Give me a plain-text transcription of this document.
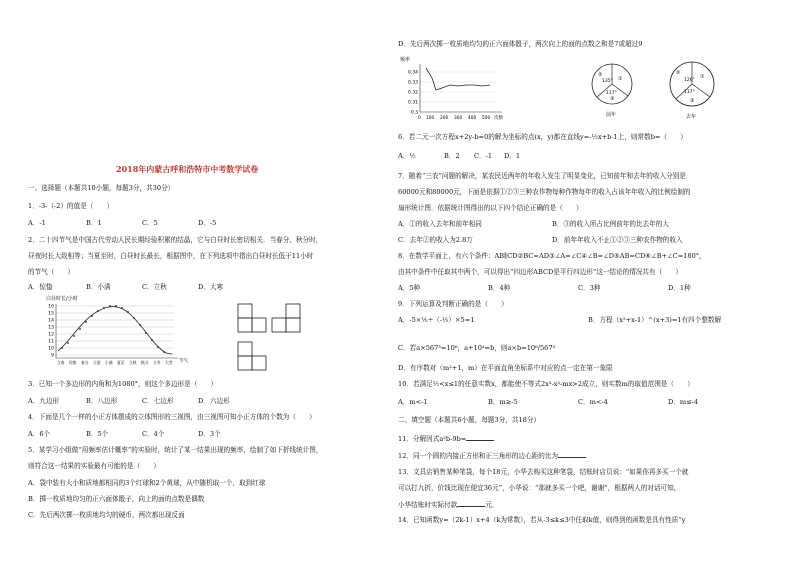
2018年内蒙古呼和浩特市中考数学试卷
一、选择题（本题共10小题，每题3分，共30分）
1．-3-（-2）的值是（　　）
A．-1	B．1	C．5	D．-5
2．二十四节气是中国古代劳动人民长期经验积累的结晶，它与白昼时长密切相关．当春分、秋分时，
昼夜时长大致相等；当夏至时，白昼时长最长，根据图中，在下列选项中指出白昼时长低于11小时
的节气（　　）
A．惊蛰	B．小满	C．立秋	D．大寒
白昼时长/小时
16
15
14
13
12
11
10
9
立春 惊蛰 春分 立夏 小满 夏至 立秋 秋分 立冬 大雪 节气
3．已知一个多边形的内角和为1080°，则这个多边形是（　　）
A．九边形	B．八边形	C．七边形	D．六边形
4．下面是几个一样的小正方体摆成的立体图形的三视图，由三视图可知小正方体的个数为（　　）
A．6个	B．5个	C．4个	D．3个
5．某学习小组做“用频率估计概率”的实验时，统计了某一结果出现的频率，绘制了如下折线统计图，
则符合这一结果的实验最有可能的是（　　）
A．袋中装有大小和质地都相同的3个红球和2个黄球，从中随机取一个，取到红球
B．掷一枚质地均匀的正六面体骰子，向上的面的点数是偶数
C．先后两次掷一枚质地均匀的硬币，两次都出现反面
D．先后两次掷一枚质地均匀的正六面体骰子，两次向上的面的点数之和是7或超过9
频率
0.34
0.33
0.32
0.31
0.3
0 100 200 300 400 500 次数
135°
117°
①
②
③
前年
126°
117°
①
②
③
去年
6．若二元一次方程x+2y-b=0的解为坐标的点(x，y)都在直线y=-½x+b-1上，则常数b=（　　）
A．½	B．2 C．-1 D．1
7．随着“三农”问题的解决，某农民近两年的年收入发生了明显变化，已知前年和去年的收入分别是
60000元和80000元，下面是依据①②③三种农作物每种作物每年的收入占该年年收入的比例绘制的
扇形统计图．依据统计图得出的以下四个结论正确的是（　　）
A．①的收入去年和前年相同	B．③的收入所占比例前年的比去年的大
C．去年②的收入为2.8万	D．前年年收入不止①②③三种农作物的收入
8．在数学平面上，有六个条件：AB∥CD②BC=AD③∠A=∠C④∠B=∠D⑤AB=CD⑥∠B+∠C=180°，
由其中条件中任取其中两个，可以得出“四边形ABCD是平行四边形”这一结论的情况共有（　　）
A．5种	B．4种	C．3种	D．1种
9．下列运算及判断正确的是（　　）
A．-5×⅕÷（-⅕）×5=1	B．方程（x²+x-1）^(x+3)=1有四个整数解
C．若a×567³=10⁶，a+10⁴=b，则a×b=10⁶/567³
D．有序数对（m²+1，m）在平面直角坐标系中对应的点一定在第一象限
10．若满足½<x≤1的任意实数x，都能使不等式2x³-x²-mx>2成立，则实数m的取值范围是（　　）
A．m<-1	B．m≥-5	C．m<-4	D．m≤-4
二、填空题（本题共6小题，每题3分，共18分）
11．分解因式a²b-9b=
12．同一个圆的内接正方形和正三角形的边心距的比为
13．文具店销售某种笔袋，每个18元，小华去购买这种笔袋，结账时店员说：“如果你再多买一个就
可以打九折，价钱比现在便宜36元”，小华说：“那就多买一个吧，谢谢”，根据两人的对话可知，
小华结账时实际付款	元．
14．已知函数y=（2k-1）x+4（k为常数），若从-3≤k≤3中任取k值，则得到的函数是具有性质“y
